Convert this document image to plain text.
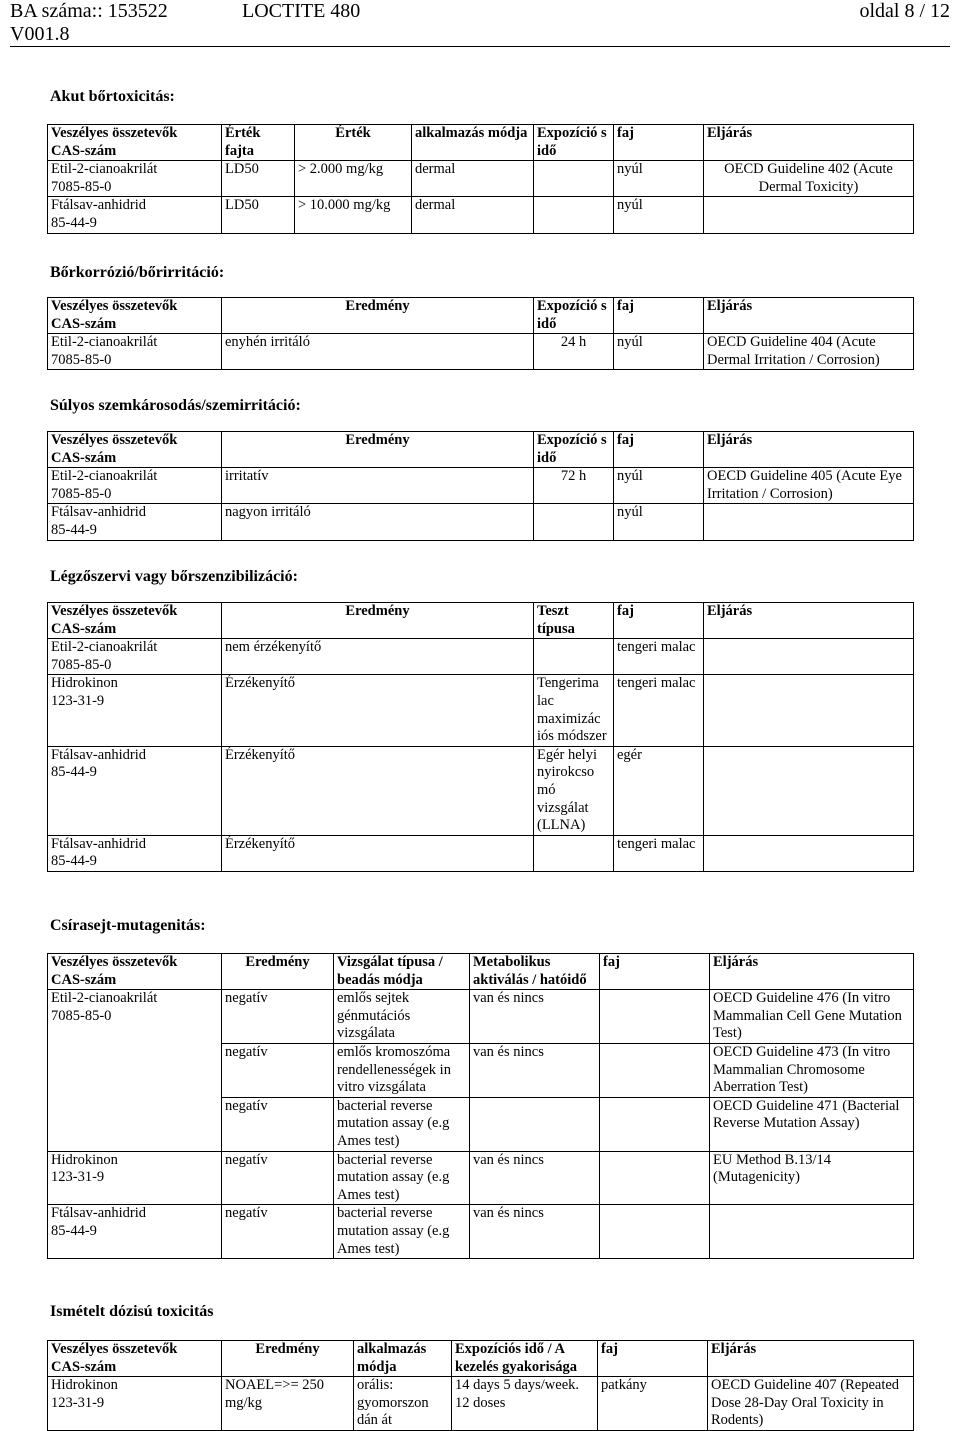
BA száma:: 153522
V001.8
LOCTITE 480	oldal 8 / 12
Akut bőrtoxicitás:
Veszélyes összetevők
CAS-szám	Érték fajta	Érték	alkalmazás módja	Expozíció s idő	faj	Eljárás

Etil-2-cianoakrilát
7085-85-0	LD50	> 2.000 mg/kg	dermal		nyúl	OECD Guideline 402 (Acute Dermal Toxicity)

Ftálsav-anhidrid
85-44-9	LD50	> 10.000 mg/kg	dermal		nyúl	
Bőrkorrózió/bőrirritáció:
Veszélyes összetevők
CAS-szám	Eredmény	Expozíció s idő	faj	Eljárás

Etil-2-cianoakrilát
7085-85-0	enyhén irritáló	24 h	nyúl	OECD Guideline 404 (Acute Dermal Irritation / Corrosion)
Súlyos szemkárosodás/szemirritáció:
Veszélyes összetevők
CAS-szám	Eredmény	Expozíció s idő	faj	Eljárás

Etil-2-cianoakrilát
7085-85-0	irritatív	72 h	nyúl	OECD Guideline 405 (Acute Eye Irritation / Corrosion)

Ftálsav-anhidrid
85-44-9	nagyon irritáló		nyúl	
Légzőszervi vagy bőrszenzibilizáció:
Veszélyes összetevők
CAS-szám	Eredmény	Teszt típusa	faj	Eljárás

Etil-2-cianoakrilát
7085-85-0	nem érzékenyítő		tengeri malac	

Hidrokinon
123-31-9	Érzékenyítő	Tengerima lac maximizác iós módszer	tengeri malac	

Ftálsav-anhidrid
85-44-9	Érzékenyítő	Egér helyi nyirokcso mó vizsgálat (LLNA)	egér	

Ftálsav-anhidrid
85-44-9	Érzékenyítő		tengeri malac	
Csírasejt-mutagenitás:
Veszélyes összetevők
CAS-szám	Eredmény	Vizsgálat típusa / beadás módja	Metabolikus aktiválás / hatóidő	faj	Eljárás

Etil-2-cianoakrilát
7085-85-0	negatív	emlős sejtek génmutációs vizsgálata	van és nincs		OECD Guideline 476 (In vitro Mammalian Cell Gene Mutation Test)
	negatív	emlős kromoszóma rendellenességek in vitro vizsgálata	van és nincs		OECD Guideline 473 (In vitro Mammalian Chromosome Aberration Test)
	negatív	bacterial reverse mutation assay (e.g Ames test)			OECD Guideline 471 (Bacterial Reverse Mutation Assay)

Hidrokinon
123-31-9	negatív	bacterial reverse mutation assay (e.g Ames test)	van és nincs		EU Method B.13/14 (Mutagenicity)

Ftálsav-anhidrid
85-44-9	negatív	bacterial reverse mutation assay (e.g Ames test)	van és nincs		
Ismételt dózisú toxicitás
Veszélyes összetevők
CAS-szám	Eredmény	alkalmazás módja	Expozíciós idő / A kezelés gyakorisága	faj	Eljárás

Hidrokinon
123-31-9	NOAEL=>= 250 mg/kg	orális: gyomorszon dán át	14 days 5 days/week. 12 doses	patkány	OECD Guideline 407 (Repeated Dose 28-Day Oral Toxicity in Rodents)
